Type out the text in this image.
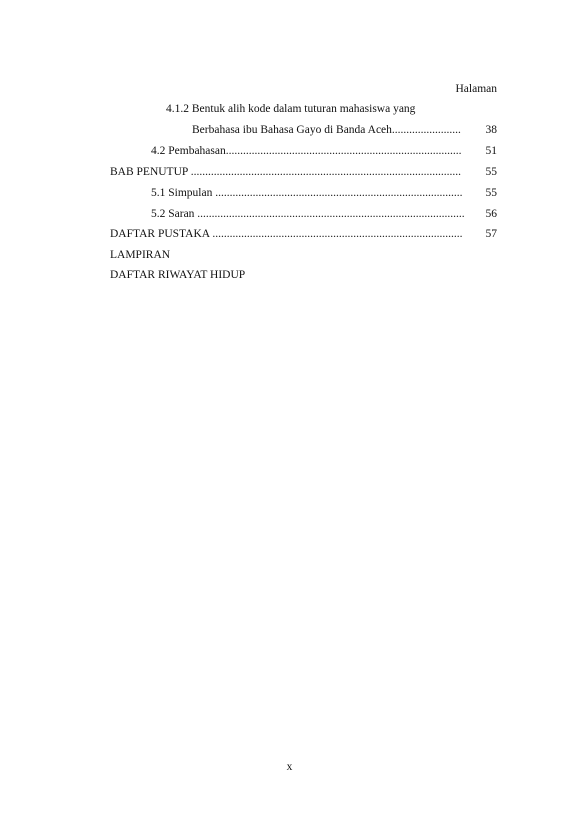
Halaman
4.1.2 Bentuk alih kode dalam tuturan mahasiswa yang
Berbahasa ibu Bahasa Gayo di Banda Aceh........................	38
4.2 Pembahasan..................................................................................	51
BAB PENUTUP ..............................................................................................	55
5.1 Simpulan ......................................................................................	55
5.2 Saran .............................................................................................	56
DAFTAR PUSTAKA .......................................................................................	57
LAMPIRAN
DAFTAR RIWAYAT HIDUP
x
